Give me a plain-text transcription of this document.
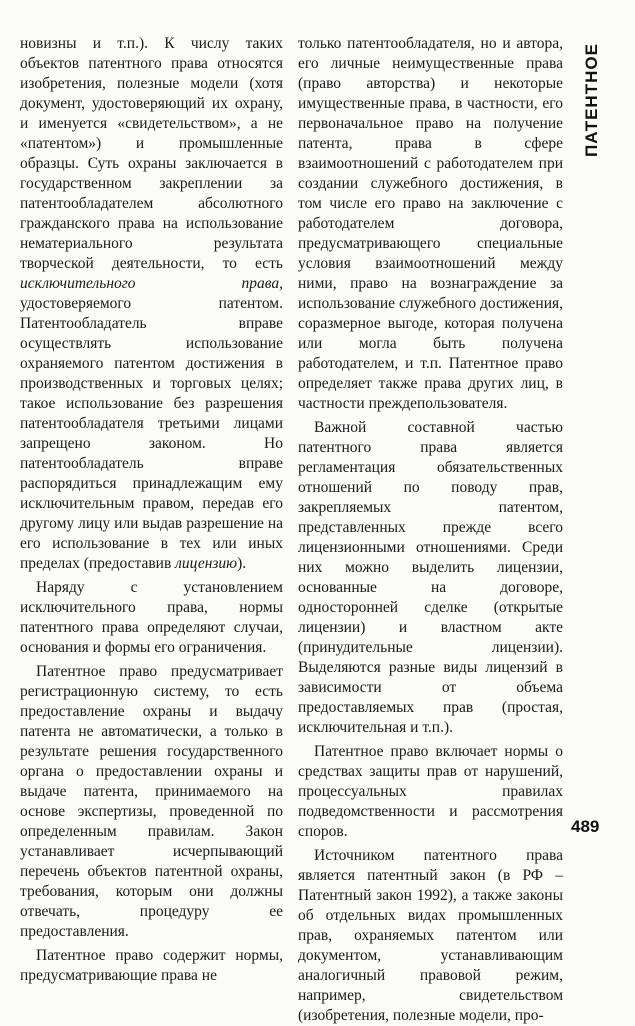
новизны и т.п.). К числу таких объектов патентного права относятся изобретения, полезные модели (хотя документ, удостоверяющий их охрану, и именуется «свидетельством», а не «патентом») и промышленные образцы. Суть охраны заключается в государственном закреплении за патентообладателем абсолютного гражданского права на использование нематериального результата творческой деятельности, то есть исключительного права, удостоверяемого патентом. Патентообладатель вправе осуществлять использование охраняемого патентом достижения в производственных и торговых целях; такое использование без разрешения патентообладателя третьими лицами запрещено законом. Но патентообладатель вправе распорядиться принадлежащим ему исключительным правом, передав его другому лицу или выдав разрешение на его использование в тех или иных пределах (предоставив лицензию).

Наряду с установлением исключительного права, нормы патентного права определяют случаи, основания и формы его ограничения.

Патентное право предусматривает регистрационную систему, то есть предоставление охраны и выдачу патента не автоматически, а только в результате решения государственного органа о предоставлении охраны и выдаче патента, принимаемого на основе экспертизы, проведенной по определенным правилам. Закон устанавливает исчерпывающий перечень объектов патентной охраны, требования, которым они должны отвечать, процедуру ее предоставления.

Патентное право содержит нормы, предусматривающие права не

только патентообладателя, но и автора, его личные неимущественные права (право авторства) и некоторые имущественные права, в частности, его первоначальное право на получение патента, права в сфере взаимоотношений с работодателем при создании служебного достижения, в том числе его право на заключение с работодателем договора, предусматривающего специальные условия взаимоотношений между ними, право на вознаграждение за использование служебного достижения, соразмерное выгоде, которая получена или могла быть получена работодателем, и т.п. Патентное право определяет также права других лиц, в частности преждепользователя.

Важной составной частью патентного права является регламентация обязательственных отношений по поводу прав, закрепляемых патентом, представленных прежде всего лицензионными отношениями. Среди них можно выделить лицензии, основанные на договоре, односторонней сделке (открытые лицензии) и властном акте (принудительные лицензии). Выделяются разные виды лицензий в зависимости от объема предоставляемых прав (простая, исключительная и т.п.).

Патентное право включает нормы о средствах защиты прав от нарушений, процессуальных правилах подведомственности и рассмотрения споров.

Источником патентного права является патентный закон (в РФ – Патентный закон 1992), а также законы об отдельных видах промышленных прав, охраняемых патентом или документом, устанавливающим аналогичный правовой режим, например, свидетельством (изобретения, полезные модели, про-

ПАТЕНТНОЕ
489
